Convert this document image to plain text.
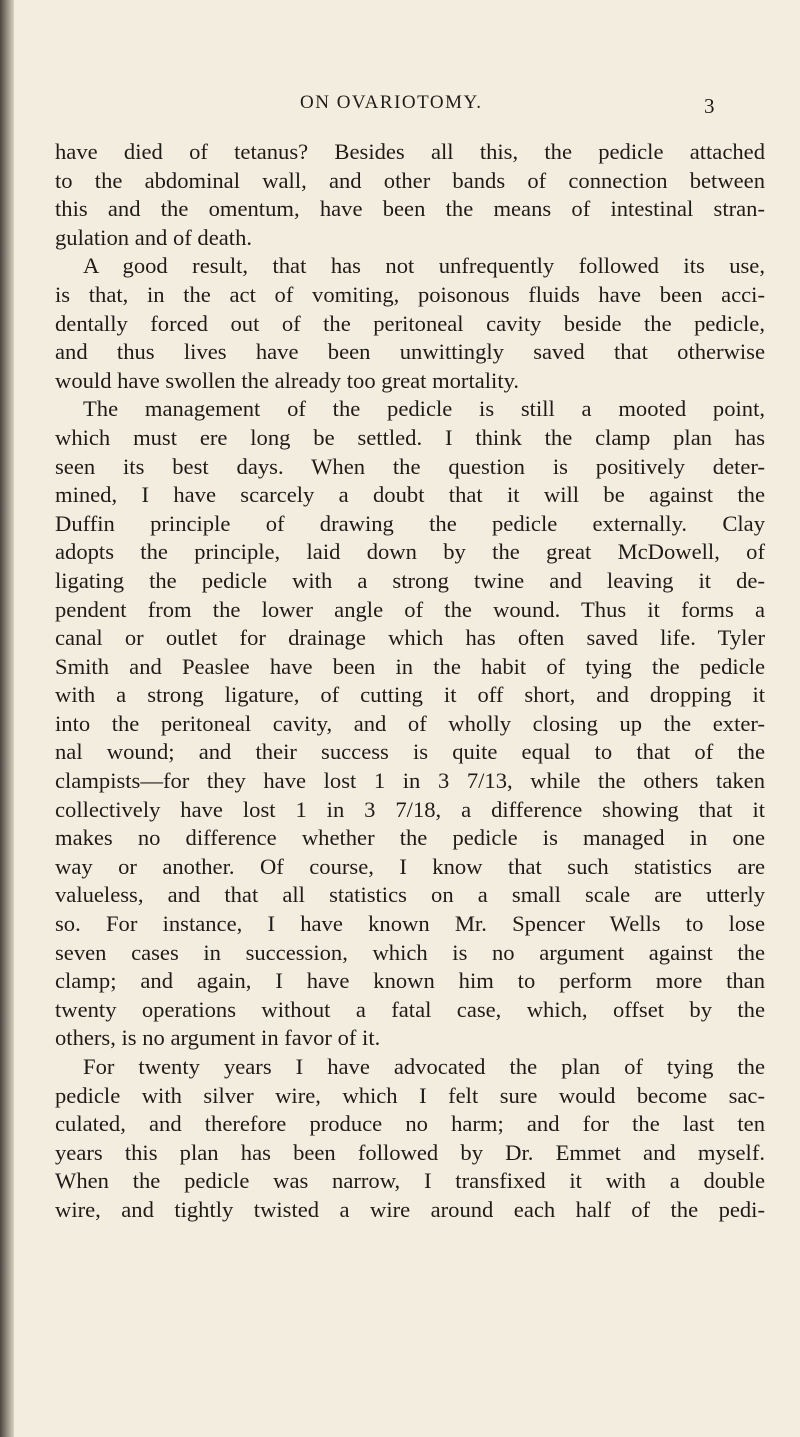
ON OVARIOTOMY.	3
have died of tetanus? Besides all this, the pedicle attached
to the abdominal wall, and other bands of connection between
this and the omentum, have been the means of intestinal stran-
gulation and of death.
A good result, that has not unfrequently followed its use,
is that, in the act of vomiting, poisonous fluids have been acci-
dentally forced out of the peritoneal cavity beside the pedicle,
and thus lives have been unwittingly saved that otherwise
would have swollen the already too great mortality.
The management of the pedicle is still a mooted point,
which must ere long be settled. I think the clamp plan has
seen its best days. When the question is positively deter-
mined, I have scarcely a doubt that it will be against the
Duffin principle of drawing the pedicle externally. Clay
adopts the principle, laid down by the great McDowell, of
ligating the pedicle with a strong twine and leaving it de-
pendent from the lower angle of the wound. Thus it forms a
canal or outlet for drainage which has often saved life. Tyler
Smith and Peaslee have been in the habit of tying the pedicle
with a strong ligature, of cutting it off short, and dropping it
into the peritoneal cavity, and of wholly closing up the exter-
nal wound; and their success is quite equal to that of the
clampists—for they have lost 1 in 3 7/13, while the others taken
collectively have lost 1 in 3 7/18, a difference showing that it
makes no difference whether the pedicle is managed in one
way or another. Of course, I know that such statistics are
valueless, and that all statistics on a small scale are utterly
so. For instance, I have known Mr. Spencer Wells to lose
seven cases in succession, which is no argument against the
clamp; and again, I have known him to perform more than
twenty operations without a fatal case, which, offset by the
others, is no argument in favor of it.
For twenty years I have advocated the plan of tying the
pedicle with silver wire, which I felt sure would become sac-
culated, and therefore produce no harm; and for the last ten
years this plan has been followed by Dr. Emmet and myself.
When the pedicle was narrow, I transfixed it with a double
wire, and tightly twisted a wire around each half of the pedi-
